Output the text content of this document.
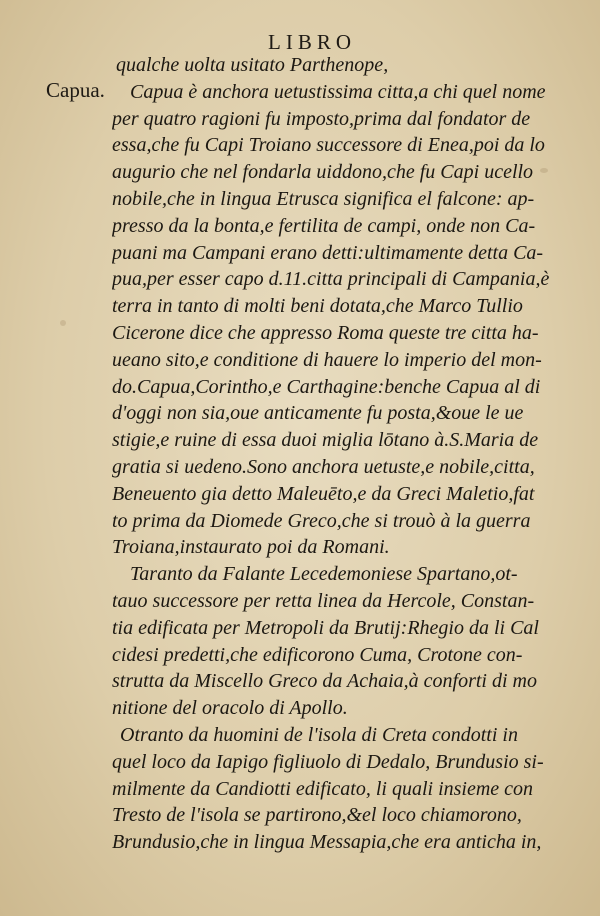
LIBRO
Capua.
qualche uolta usitato Parthenope,
Capua è anchora uetustissima citta,a chi quel nome
per quatro ragioni fu imposto,prima dal fondator de
essa,che fu Capi Troiano successore di Enea,poi da lo
augurio che nel fondarla uiddono,che fu Capi ucello
nobile,che in lingua Etrusca significa el falcone: ap-
presso da la bonta,e fertilita de campi, onde non Ca-
puani ma Campani erano detti:ultimamente detta Ca-
pua,per esser capo d.11.citta principali di Campania,è
terra in tanto di molti beni dotata,che Marco Tullio
Cicerone dice che appresso Roma queste tre citta ha-
ueano sito,e conditione di hauere lo imperio del mon-
do.Capua,Corintho,e Carthagine:benche Capua al di
d'oggi non sia,oue anticamente fu posta,&oue le ue
stigie,e ruine di essa duoi miglia lōtano à.S.Maria de
gratia si uedeno.Sono anchora uetuste,e nobile,citta,
Beneuento gia detto Maleuēto,e da Greci Maletio,fat
to prima da Diomede Greco,che si trouò à la guerra
Troiana,instaurato poi da Romani.
Taranto da Falante Lecedemoniese Spartano,ot-
tauo successore per retta linea da Hercole, Constan-
tia edificata per Metropoli da Brutij:Rhegio da li Cal
cidesi predetti,che edificorono Cuma, Crotone con-
strutta da Miscello Greco da Achaia,à conforti di mo
nitione del oracolo di Apollo.
Otranto da huomini de l'isola di Creta condotti in
quel loco da Iapigo figliuolo di Dedalo, Brundusio si-
milmente da Candiotti edificato, li quali insieme con
Tresto de l'isola se partirono,&el loco chiamorono,
Brundusio,che in lingua Messapia,che era anticha in,
